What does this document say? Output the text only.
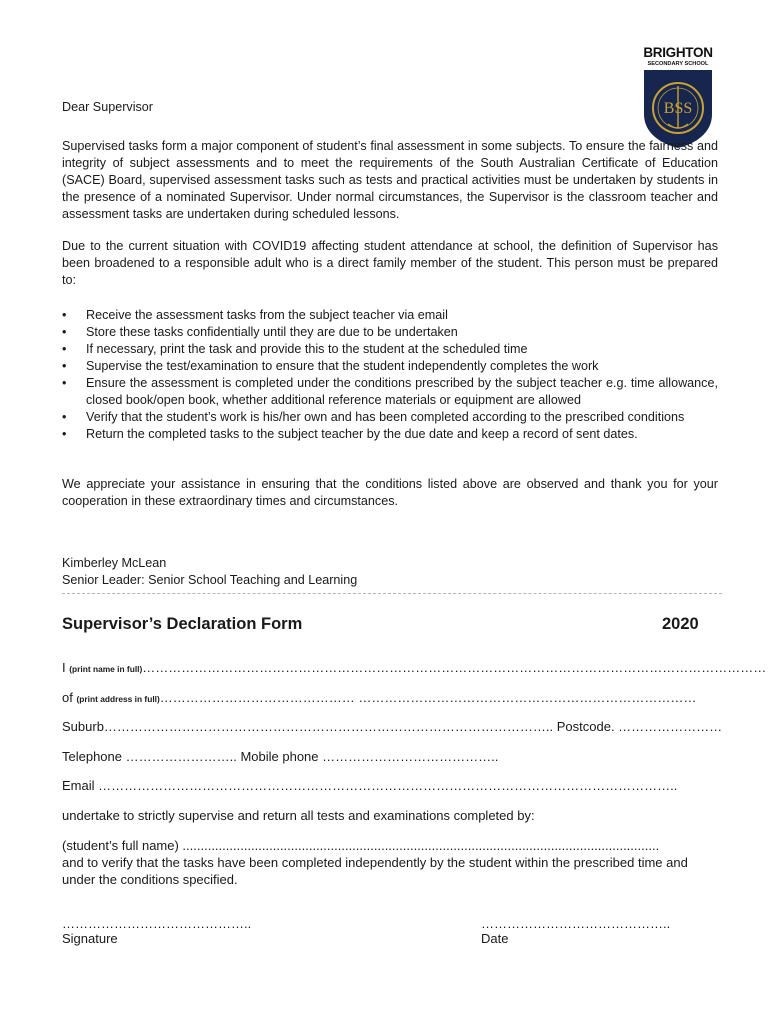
BRIGHTON
SECONDARY SCHOOL
BSS
Dear Supervisor
Supervised tasks form a major component of student’s final assessment in some subjects. To ensure the fairness and integrity of subject assessments and to meet the requirements of the South Australian Certificate of Education (SACE) Board, supervised assessment tasks such as tests and practical activities must be undertaken by students in the presence of a nominated Supervisor. Under normal circumstances, the Supervisor is the classroom teacher and assessment tasks are undertaken during scheduled lessons.
Due to the current situation with COVID19 affecting student attendance at school, the definition of Supervisor has been broadened to a responsible adult who is a direct family member of the student. This person must be prepared to:
• Receive the assessment tasks from the subject teacher via email
• Store these tasks confidentially until they are due to be undertaken
• If necessary, print the task and provide this to the student at the scheduled time
• Supervise the test/examination to ensure that the student independently completes the work
• Ensure the assessment is completed under the conditions prescribed by the subject teacher e.g. time allowance, closed book/open book, whether additional reference materials or equipment are allowed
• Verify that the student’s work is his/her own and has been completed according to the prescribed conditions
• Return the completed tasks to the subject teacher by the due date and keep a record of sent dates.
We appreciate your assistance in ensuring that the conditions listed above are observed and thank you for your cooperation in these extraordinary times and circumstances.
Kimberley McLean
Senior Leader: Senior School Teaching and Learning
Supervisor’s Declaration Form	2020
I (print name in full)………………………………………………………………………………………………………………………………
of (print address in full)……………………………………… ……………………………………………………………………
Suburb………………………………………………………………………………………….. Postcode. ……………………
Telephone …………………….. Mobile phone …………………………………..
Email ……………………………………………………………………………………………………………………..
undertake to strictly supervise and return all tests and examinations completed by:
(student’s full name) ....................................................................................................................................
and to verify that the tasks have been completed independently by the student within the prescribed time and under the conditions specified.
……………………………………..
Signature
……………………………………..
Date
